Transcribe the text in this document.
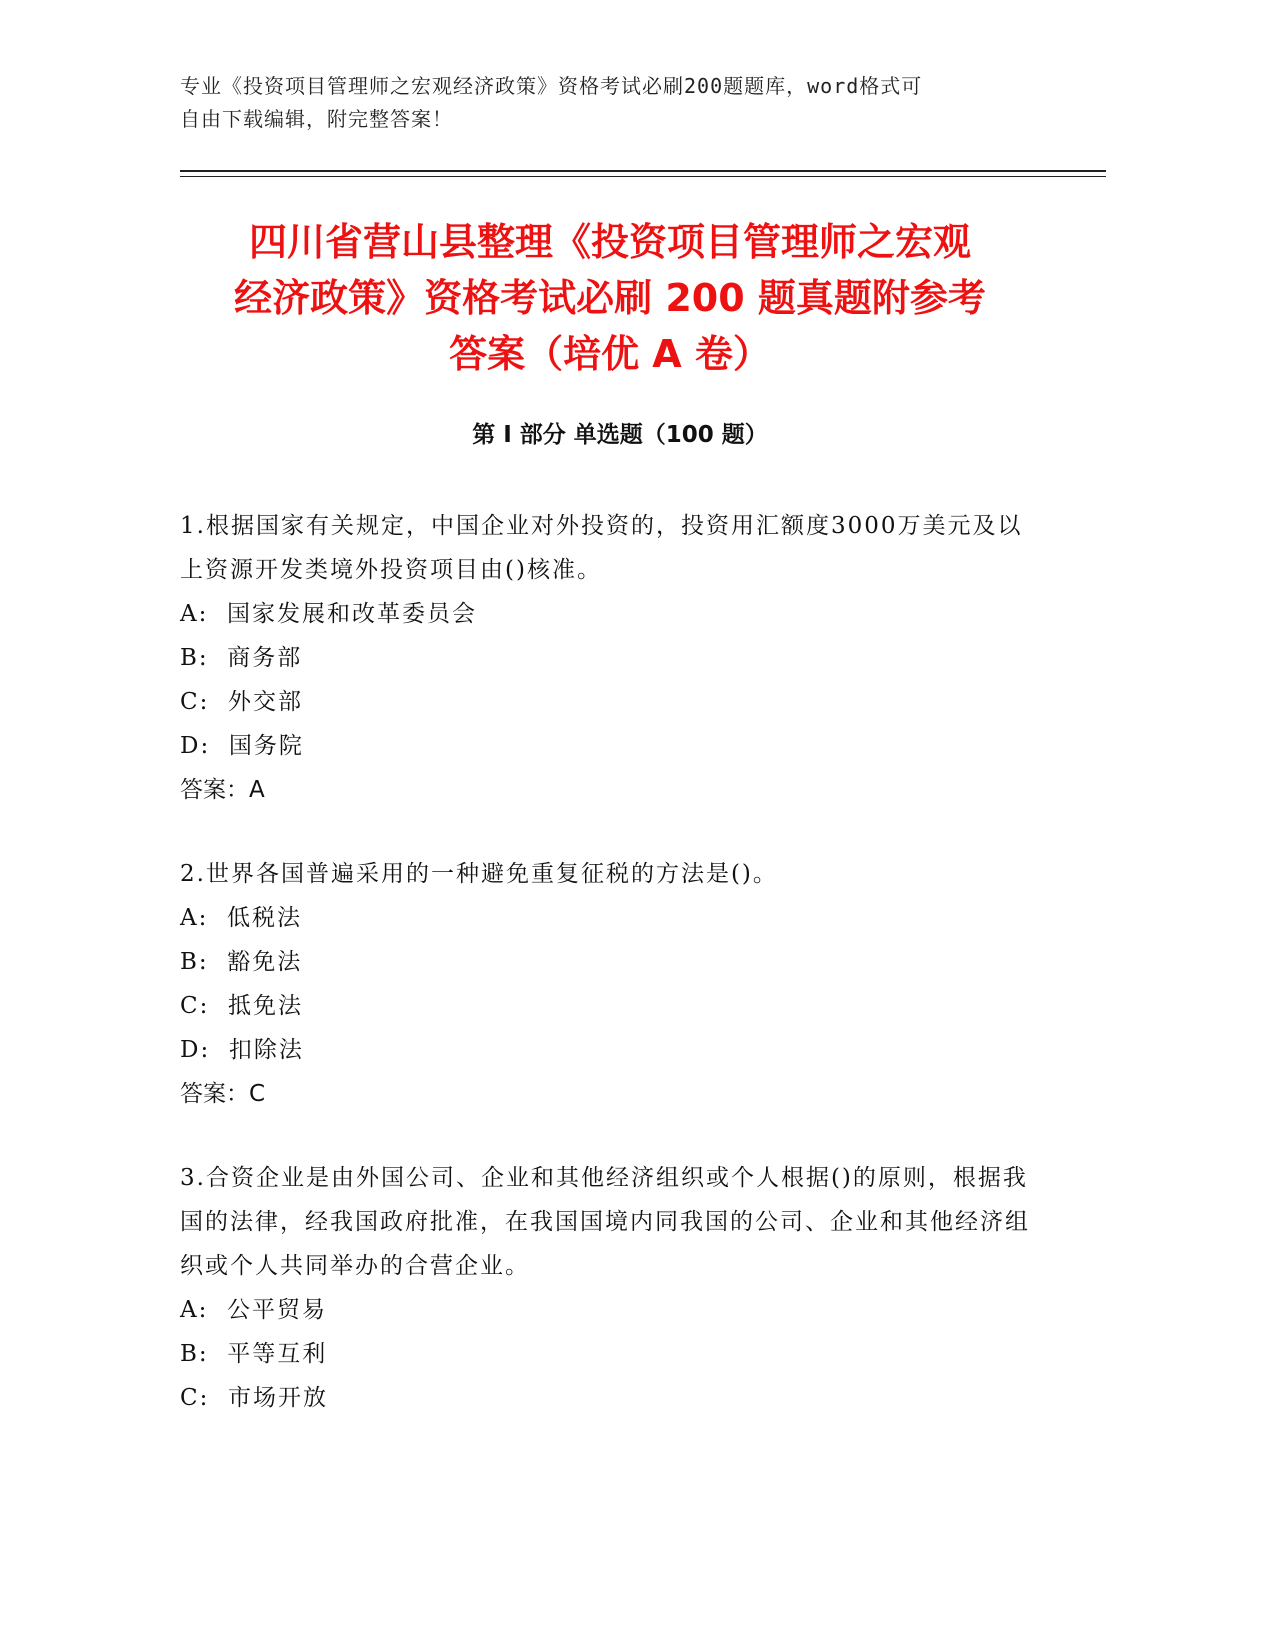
专业《投资项目管理师之宏观经济政策》资格考试必刷200题题库，word格式可
自由下载编辑，附完整答案！
四川省营山县整理《投资项目管理师之宏观
经济政策》资格考试必刷 200 题真题附参考
答案（培优 A 卷）
第 I 部分 单选题（100 题）

1.根据国家有关规定，中国企业对外投资的，投资用汇额度3000万美元及以上资源开发类境外投资项目由()核准。

A: 国家发展和改革委员会
B: 商务部
C: 外交部
D: 国务院
答案：A

2.世界各国普遍采用的一种避免重复征税的方法是()。

A: 低税法
B: 豁免法
C: 抵免法
D: 扣除法
答案：C

3.合资企业是由外国公司、企业和其他经济组织或个人根据()的原则，根据我国的法律，经我国政府批准，在我国国境内同我国的公司、企业和其他经济组织或个人共同举办的合营企业。

A: 公平贸易
B: 平等互利
C: 市场开放
